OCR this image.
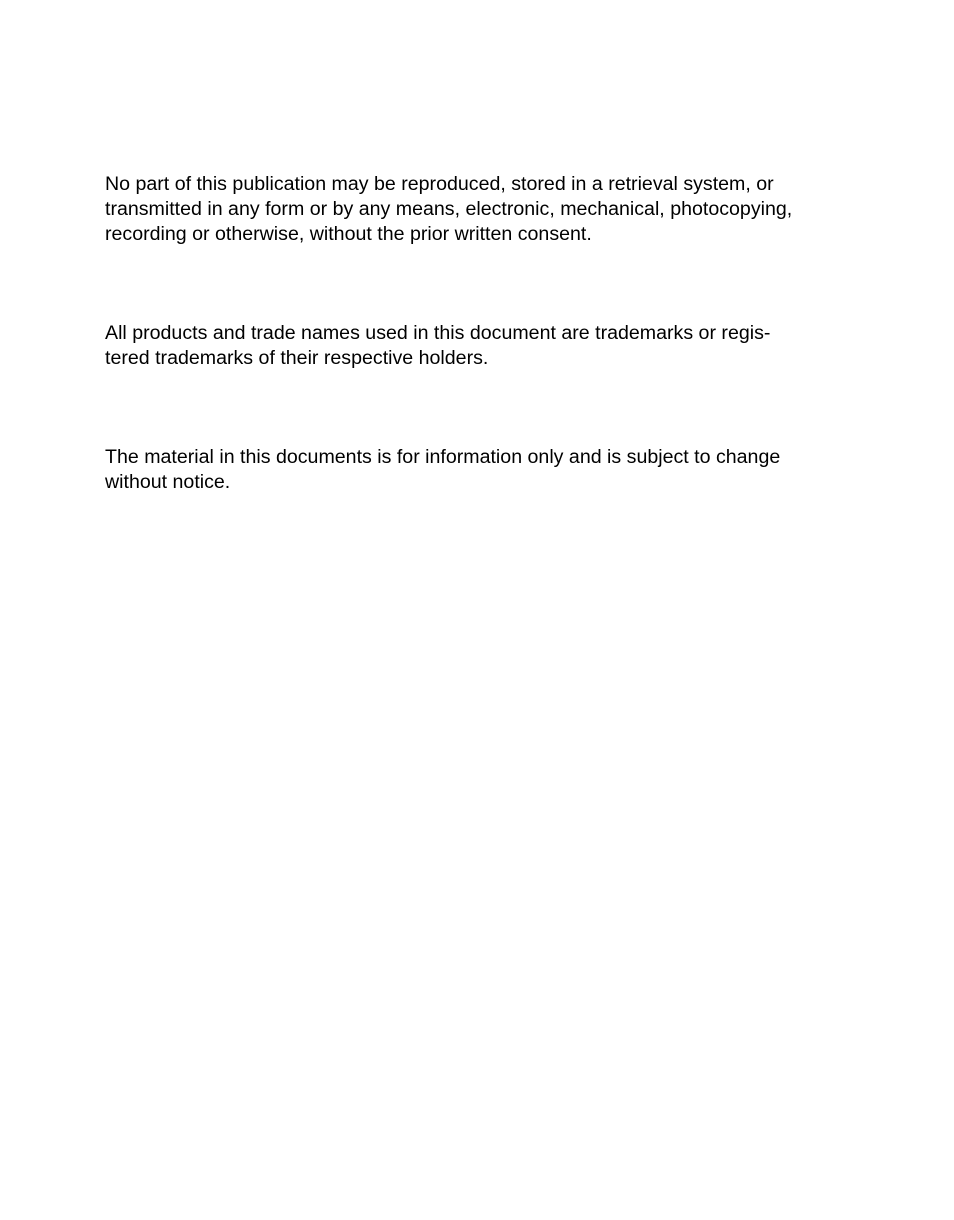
No part of this publication may be reproduced, stored in a retrieval system, or
transmitted in any form or by any means, electronic, mechanical, photocopying,
recording or otherwise, without the prior written consent.

All products and trade names used in this document are trademarks or regis-
tered trademarks of their respective holders.

The material in this documents is for information only and is subject to change
without notice.
